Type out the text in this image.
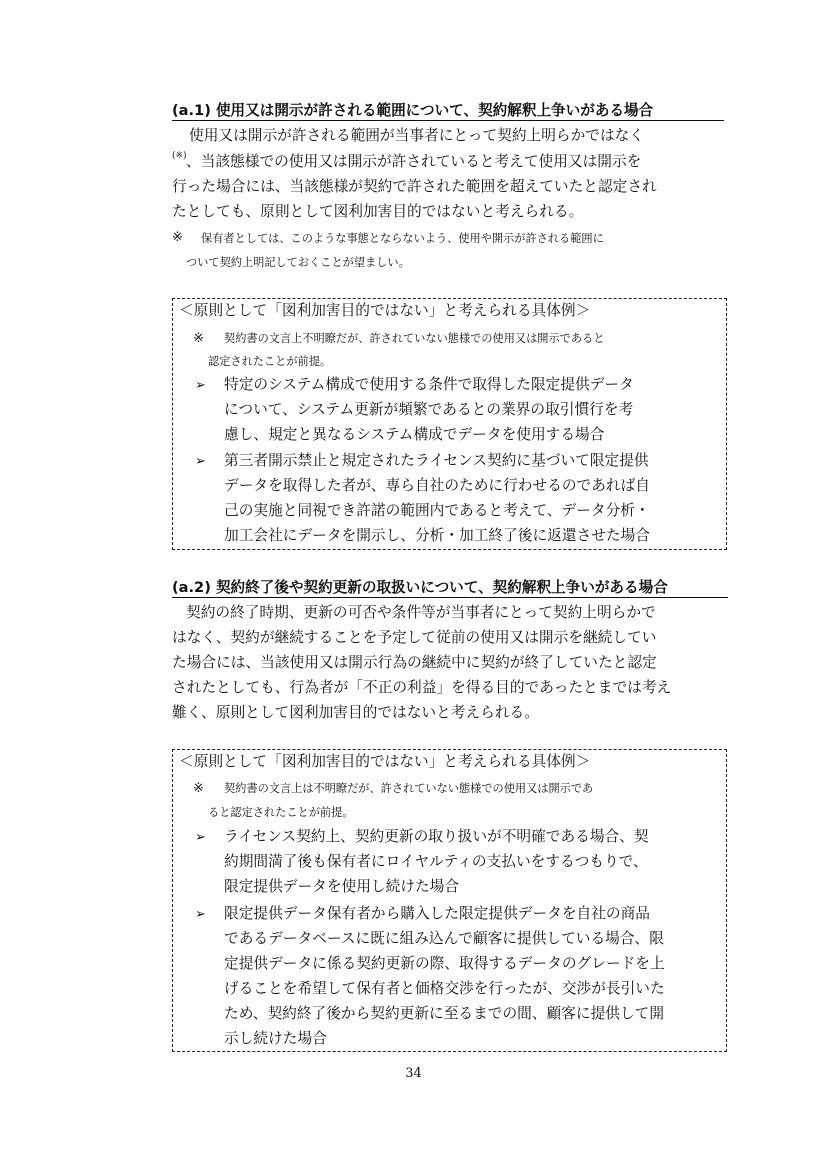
(a.1) 使用又は開示が許される範囲について、契約解釈上争いがある場合
使用又は開示が許される範囲が当事者にとって契約上明らかではなく
(※) 、当該態様での使用又は開示が許されていると考えて使用又は開示を
行った場合には、当該態様が契約で許された範囲を超えていたと認定され
たとしても、原則として図利加害目的ではないと考えられる。
※ 保有者としては、このような事態とならないよう、使用や開示が許される範囲に
ついて契約上明記しておくことが望ましい。
＜原則として「図利加害目的ではない」と考えられる具体例＞
※ 契約書の文言上不明瞭だが、許されていない態様での使用又は開示であると
認定されたことが前提。
➢ 特定のシステム構成で使用する条件で取得した限定提供データ
について、システム更新が頻繁であるとの業界の取引慣行を考
慮し、規定と異なるシステム構成でデータを使用する場合
➢ 第三者開示禁止と規定されたライセンス契約に基づいて限定提供
データを取得した者が、専ら自社のために行わせるのであれば自
己の実施と同視でき許諾の範囲内であると考えて、データ分析・
加工会社にデータを開示し、分析・加工終了後に返還させた場合
(a.2) 契約終了後や契約更新の取扱いについて、契約解釈上争いがある場合
契約の終了時期、更新の可否や条件等が当事者にとって契約上明らかで
はなく、契約が継続することを予定して従前の使用又は開示を継続してい
た場合には、当該使用又は開示行為の継続中に契約が終了していたと認定
されたとしても、行為者が「不正の利益」を得る目的であったとまでは考え
難く、原則として図利加害目的ではないと考えられる。
＜原則として「図利加害目的ではない」と考えられる具体例＞
※ 契約書の文言上は不明瞭だが、許されていない態様での使用又は開示であ
ると認定されたことが前提。
➢ ライセンス契約上、契約更新の取り扱いが不明確である場合、契
約期間満了後も保有者にロイヤルティの支払いをするつもりで、
限定提供データを使用し続けた場合
➢ 限定提供データ保有者から購入した限定提供データを自社の商品
であるデータベースに既に組み込んで顧客に提供している場合、限
定提供データに係る契約更新の際、取得するデータのグレードを上
げることを希望して保有者と価格交渉を行ったが、交渉が長引いた
ため、契約終了後から契約更新に至るまでの間、顧客に提供して開
示し続けた場合
34
